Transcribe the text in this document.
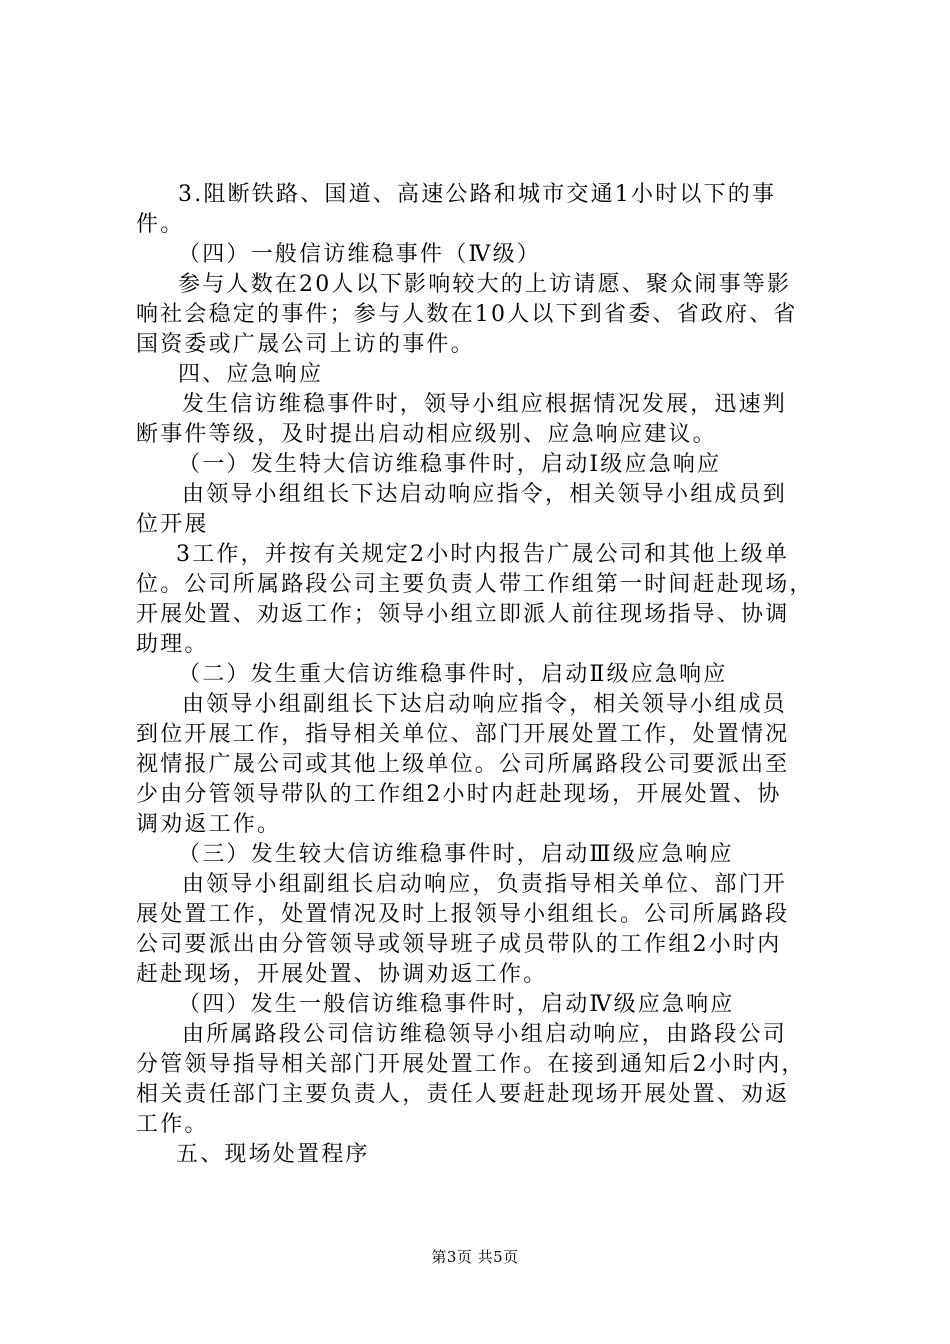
3.阻断铁路、国道、高速公路和城市交通1小时以下的事
件。
（四）一般信访维稳事件（Ⅳ级）
参与人数在20人以下影响较大的上访请愿、聚众闹事等影
响社会稳定的事件；参与人数在10人以下到省委、省政府、省
国资委或广晟公司上访的事件。
四、应急响应
发生信访维稳事件时，领导小组应根据情况发展，迅速判
断事件等级，及时提出启动相应级别、应急响应建议。
（一）发生特大信访维稳事件时，启动Ⅰ级应急响应
由领导小组组长下达启动响应指令，相关领导小组成员到
位开展
3工作，并按有关规定2小时内报告广晟公司和其他上级单
位。公司所属路段公司主要负责人带工作组第一时间赶赴现场，
开展处置、劝返工作；领导小组立即派人前往现场指导、协调
助理。
（二）发生重大信访维稳事件时，启动Ⅱ级应急响应
由领导小组副组长下达启动响应指令，相关领导小组成员
到位开展工作，指导相关单位、部门开展处置工作，处置情况
视情报广晟公司或其他上级单位。公司所属路段公司要派出至
少由分管领导带队的工作组2小时内赶赴现场，开展处置、协
调劝返工作。
（三）发生较大信访维稳事件时，启动Ⅲ级应急响应
由领导小组副组长启动响应，负责指导相关单位、部门开
展处置工作，处置情况及时上报领导小组组长。公司所属路段
公司要派出由分管领导或领导班子成员带队的工作组2小时内
赶赴现场，开展处置、协调劝返工作。
（四）发生一般信访维稳事件时，启动Ⅳ级应急响应
由所属路段公司信访维稳领导小组启动响应，由路段公司
分管领导指导相关部门开展处置工作。在接到通知后2小时内，
相关责任部门主要负责人，责任人要赶赴现场开展处置、劝返
工作。
五、现场处置程序
第3页 共5页
